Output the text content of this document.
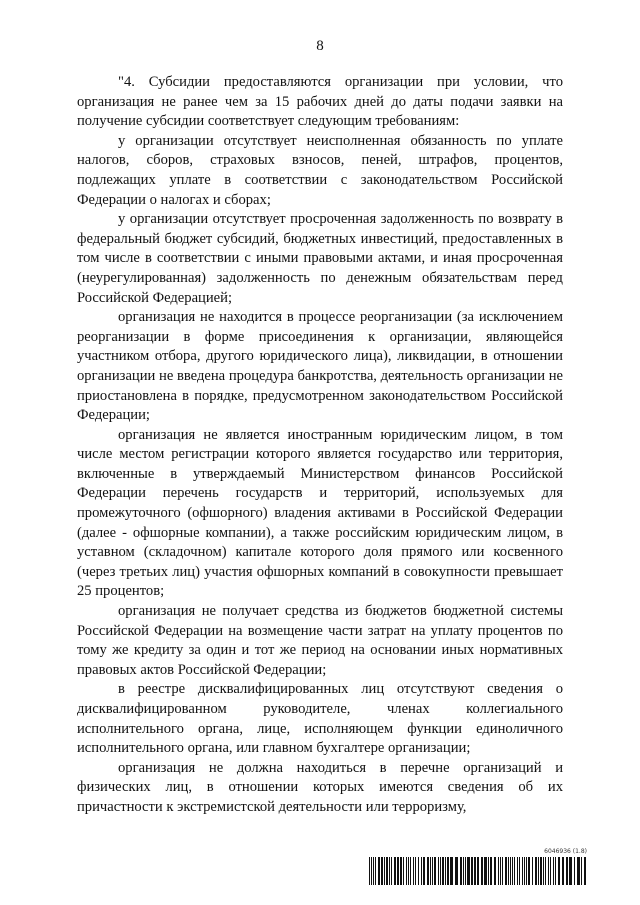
8

"4. Субсидии предоставляются организации при условии, что организация не ранее чем за 15 рабочих дней до даты подачи заявки на получение субсидии соответствует следующим требованиям:

у организации отсутствует неисполненная обязанность по уплате налогов, сборов, страховых взносов, пеней, штрафов, процентов, подлежащих уплате в соответствии с законодательством Российской Федерации о налогах и сборах;

у организации отсутствует просроченная задолженность по возврату в федеральный бюджет субсидий, бюджетных инвестиций, предоставленных в том числе в соответствии с иными правовыми актами, и иная просроченная (неурегулированная) задолженность по денежным обязательствам перед Российской Федерацией;

организация не находится в процессе реорганизации (за исключением реорганизации в форме присоединения к организации, являющейся участником отбора, другого юридического лица), ликвидации, в отношении организации не введена процедура банкротства, деятельность организации не приостановлена в порядке, предусмотренном законодательством Российской Федерации;

организация не является иностранным юридическим лицом, в том числе местом регистрации которого является государство или территория, включенные в утверждаемый Министерством финансов Российской Федерации перечень государств и территорий, используемых для промежуточного (офшорного) владения активами в Российской Федерации (далее - офшорные компании), а также российским юридическим лицом, в уставном (складочном) капитале которого доля прямого или косвенного (через третьих лиц) участия офшорных компаний в совокупности превышает 25 процентов;

организация не получает средства из бюджетов бюджетной системы Российской Федерации на возмещение части затрат на уплату процентов по тому же кредиту за один и тот же период на основании иных нормативных правовых актов Российской Федерации;

в реестре дисквалифицированных лиц отсутствуют сведения о дисквалифицированном руководителе, членах коллегиального исполнительного органа, лице, исполняющем функции единоличного исполнительного органа, или главном бухгалтере организации;

организация не должна находиться в перечне организаций и физических лиц, в отношении которых имеются сведения об их причастности к экстремистской деятельности или терроризму,

6046936 (1.8)
